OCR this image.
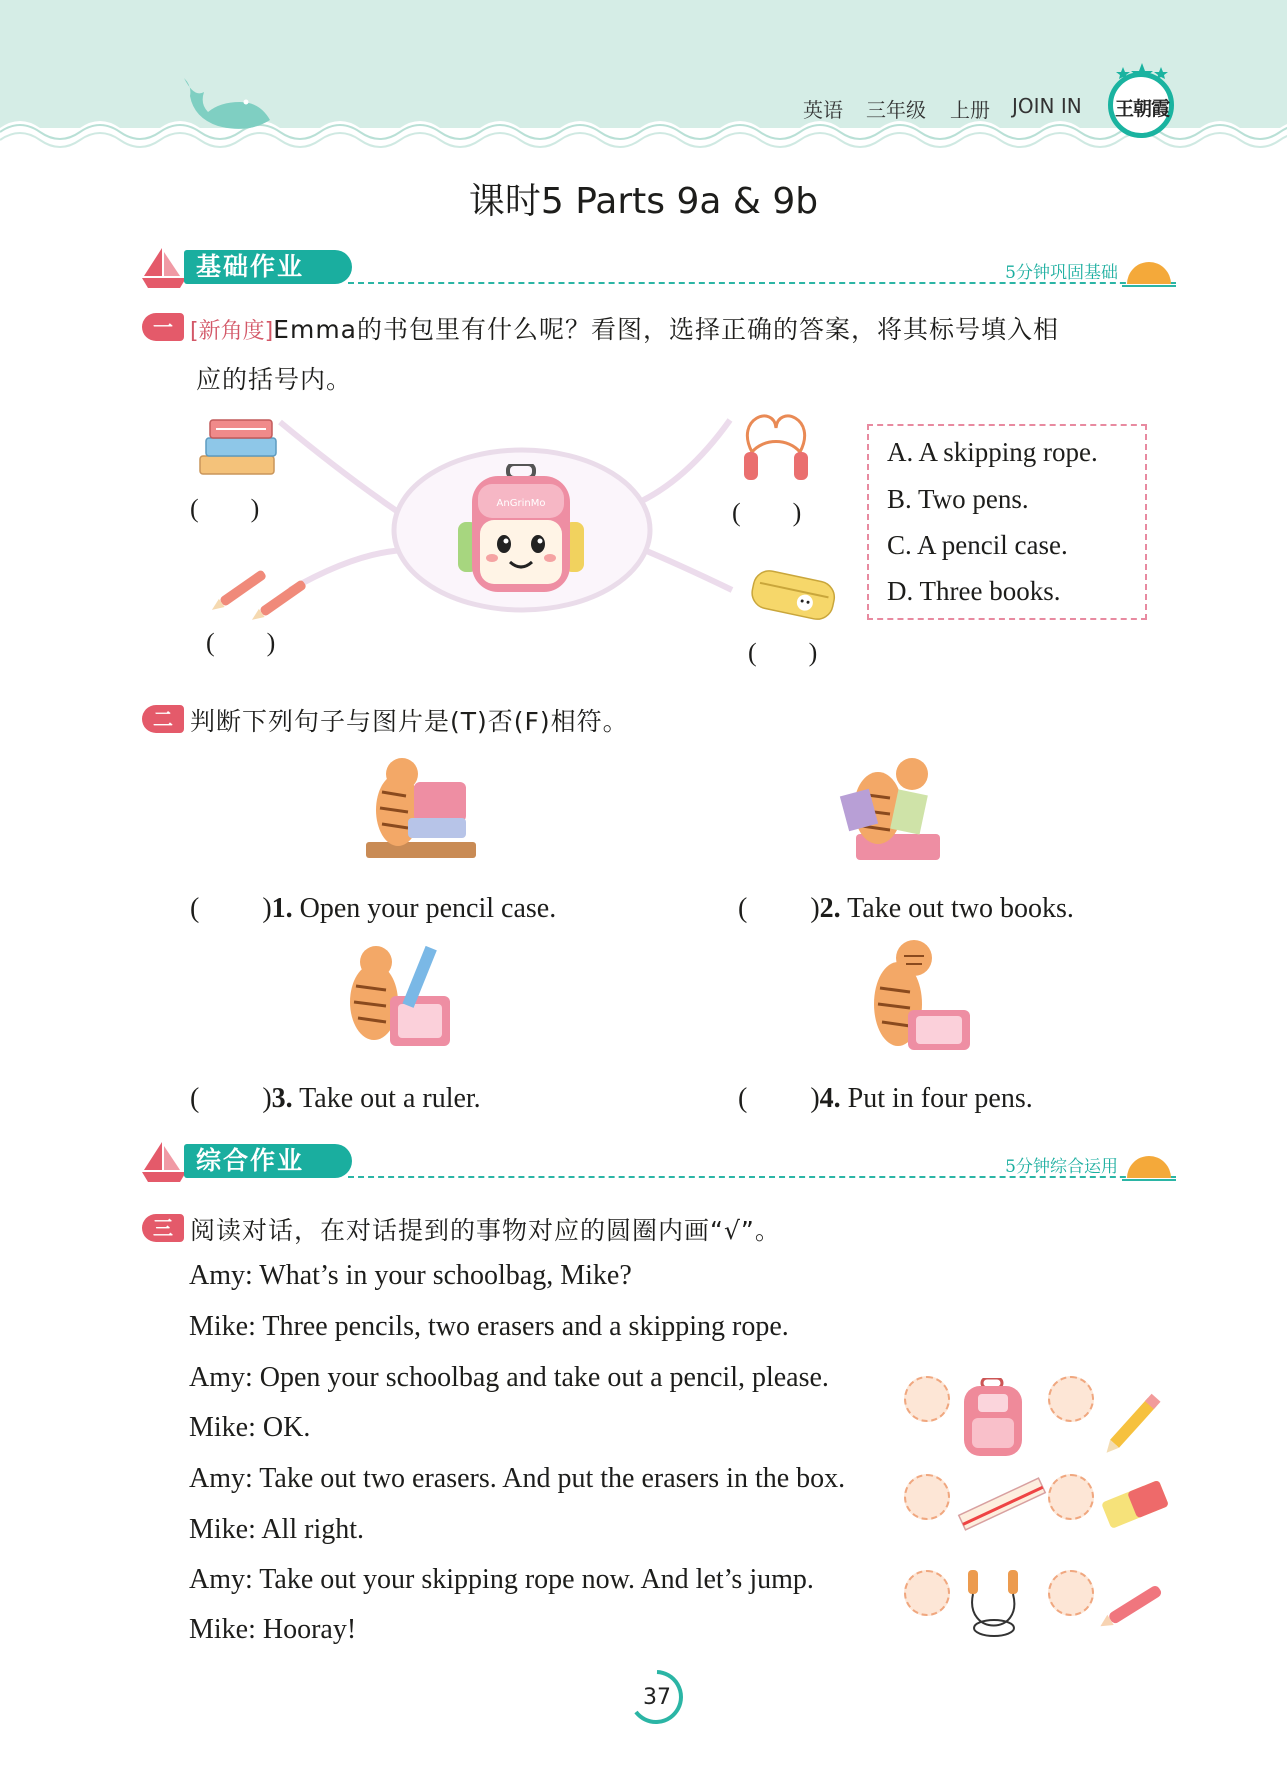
英语 三年级 上册 JOIN IN 王朝霞
课时5 Parts 9a & 9b
基础作业	5分钟巩固基础
一 [新角度]Emma的书包里有什么呢？看图，选择正确的答案，将其标号填入相
应的括号内。
AnGrinMo
(　　)
(　　)
(　　)
(　　)
A. A skipping rope.
B. Two pens.
C. A pencil case.
D. Three books.
二 判断下列句子与图片是(T)否(F)相符。
(　　 )1. Open your pencil case.	(　　 )2. Take out two books.
(　　 )3. Take out a ruler.	(　　 )4. Put in four pens.
综合作业	5分钟综合运用
三 阅读对话，在对话提到的事物对应的圆圈内画“√”。
Amy: What’s in your schoolbag, Mike?
Mike: Three pencils, two erasers and a skipping rope.
Amy: Open your schoolbag and take out a pencil, please.
Mike: OK.
Amy: Take out two erasers. And put the erasers in the box.
Mike: All right.
Amy: Take out your skipping rope now. And let’s jump.
Mike: Hooray!
37
